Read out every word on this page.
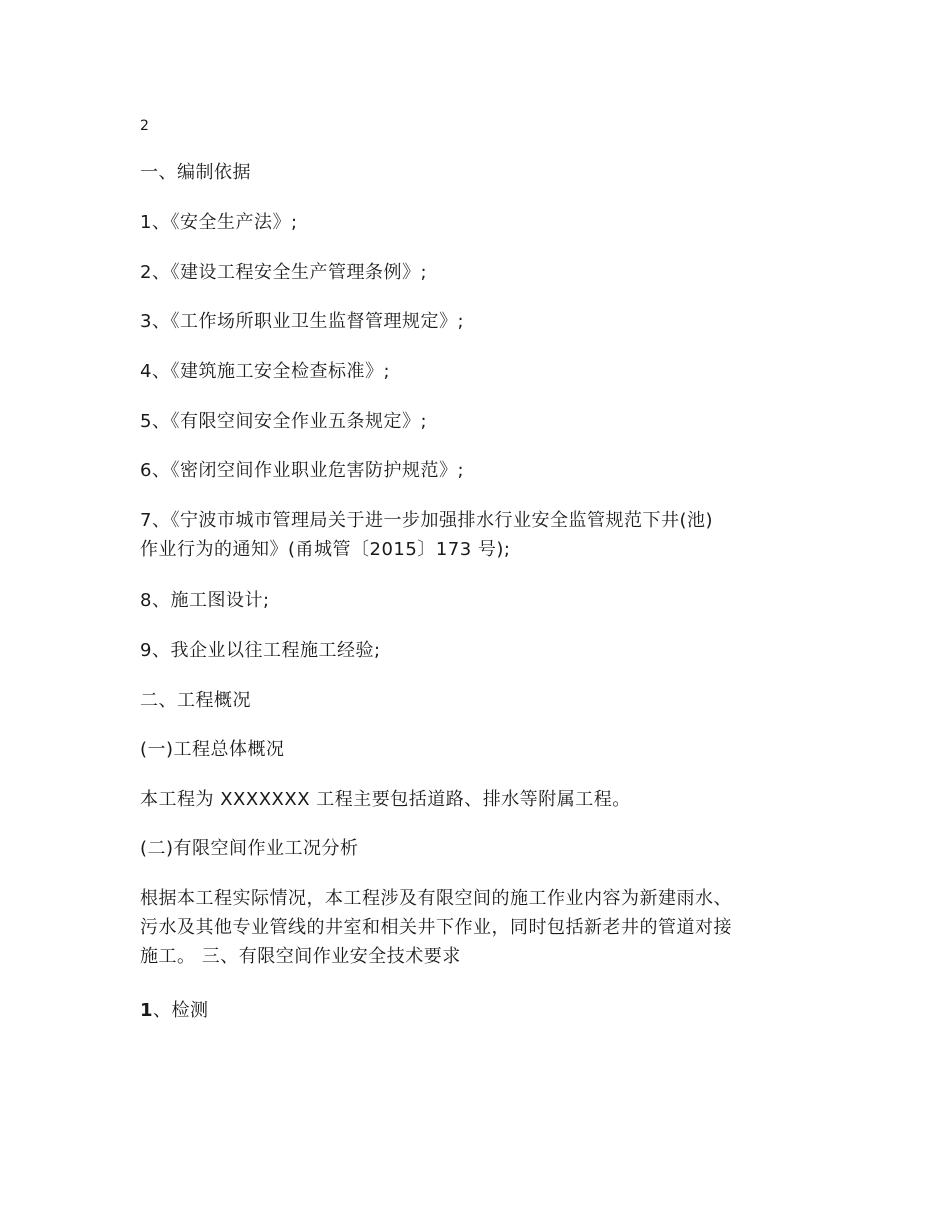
2
一、编制依据
1、《安全生产法》;
2、《建设工程安全生产管理条例》;
3、《工作场所职业卫生监督管理规定》;
4、《建筑施工安全检查标准》;
5、《有限空间安全作业五条规定》;
6、《密闭空间作业职业危害防护规范》;
7、《宁波市城市管理局关于进一步加强排水行业安全监管规范下井(池)
作业行为的通知》(甬城管〔2015〕173 号);
8、施工图设计;
9、我企业以往工程施工经验;
二、工程概况
(一)工程总体概况
本工程为 XXXXXXX 工程主要包括道路、排水等附属工程。
(二)有限空间作业工况分析
根据本工程实际情况，本工程涉及有限空间的施工作业内容为新建雨水、
污水及其他专业管线的井室和相关井下作业，同时包括新老井的管道对接
施工。 三、有限空间作业安全技术要求
1、检测
